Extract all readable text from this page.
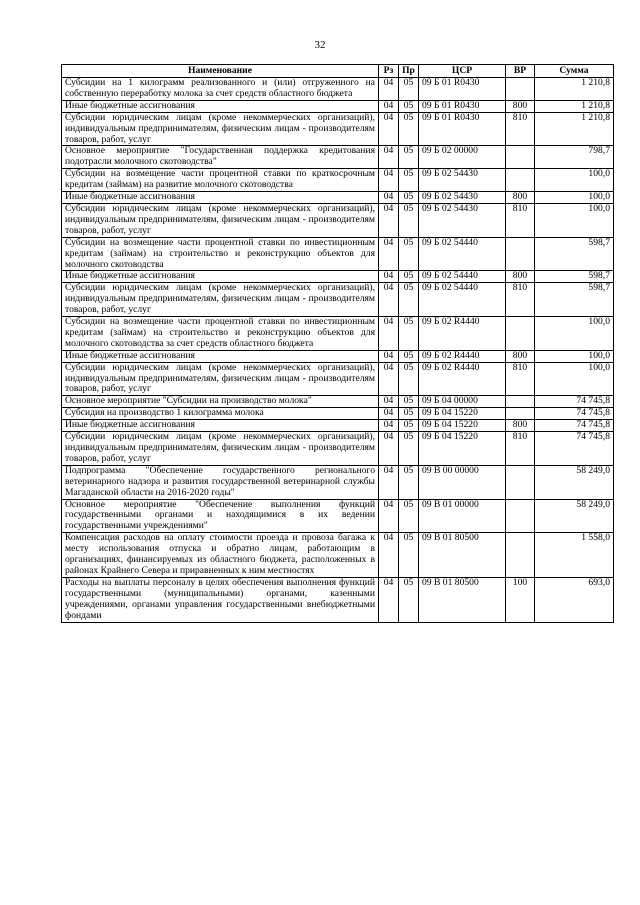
32
Наименование	Рз	Пр	ЦСР	ВР	Сумма
Субсидии на 1 килограмм реализованного и (или) отгруженного на собственную переработку молока за счет средств областного бюджета	04	05	09 Б 01 R0430		1 210,8
Иные бюджетные ассигнования	04	05	09 Б 01 R0430	800	1 210,8
Субсидии юридическим лицам (кроме некоммерческих организаций), индивидуальным предпринимателям, физическим лицам - производителям товаров, работ, услуг	04	05	09 Б 01 R0430	810	1 210,8
Основное мероприятие "Государственная поддержка кредитования подотрасли молочного скотоводства"	04	05	09 Б 02 00000		798,7
Субсидии на возмещение части процентной ставки по краткосрочным кредитам (займам) на развитие молочного скотоводства	04	05	09 Б 02 54430		100,0
Иные бюджетные ассигнования	04	05	09 Б 02 54430	800	100,0
Субсидии юридическим лицам (кроме некоммерческих организаций), индивидуальным предпринимателям, физическим лицам - производителям товаров, работ, услуг	04	05	09 Б 02 54430	810	100,0
Субсидии на возмещение части процентной ставки по инвестиционным кредитам (займам) на строительство и реконструкцию объектов для молочного скотоводства	04	05	09 Б 02 54440		598,7
Иные бюджетные ассигнования	04	05	09 Б 02 54440	800	598,7
Субсидии юридическим лицам (кроме некоммерческих организаций), индивидуальным предпринимателям, физическим лицам - производителям товаров, работ, услуг	04	05	09 Б 02 54440	810	598,7
Субсидии на возмещение части процентной ставки по инвестиционным кредитам (займам) на строительство и реконструкцию объектов для молочного скотоводства за счет средств областного бюджета	04	05	09 Б 02 R4440		100,0
Иные бюджетные ассигнования	04	05	09 Б 02 R4440	800	100,0
Субсидии юридическим лицам (кроме некоммерческих организаций), индивидуальным предпринимателям, физическим лицам - производителям товаров, работ, услуг	04	05	09 Б 02 R4440	810	100,0
Основное мероприятие "Субсидии на производство молока"	04	05	09 Б 04 00000		74 745,8
Субсидия на производство 1 килограмма молока	04	05	09 Б 04 15220		74 745,8
Иные бюджетные ассигнования	04	05	09 Б 04 15220	800	74 745,8
Субсидии юридическим лицам (кроме некоммерческих организаций), индивидуальным предпринимателям, физическим лицам - производителям товаров, работ, услуг	04	05	09 Б 04 15220	810	74 745,8
Подпрограмма "Обеспечение государственного регионального ветеринарного надзора и развития государственной ветеринарной службы Магаданской области на 2016-2020 годы"	04	05	09 В 00 00000		58 249,0
Основное мероприятие "Обеспечение выполнения функций государственными органами и находящимися в их ведении государственными учреждениями"	04	05	09 В 01 00000		58 249,0
Компенсация расходов на оплату стоимости проезда и провоза багажа к месту использования отпуска и обратно лицам, работающим в организациях, финансируемых из областного бюджета, расположенных в районах Крайнего Севера и приравненных к ним местностях	04	05	09 В 01 80500		1 558,0
Расходы на выплаты персоналу в целях обеспечения выполнения функций государственными (муниципальными) органами, казенными учреждениями, органами управления государственными внебюджетными фондами	04	05	09 В 01 80500	100	693,0
